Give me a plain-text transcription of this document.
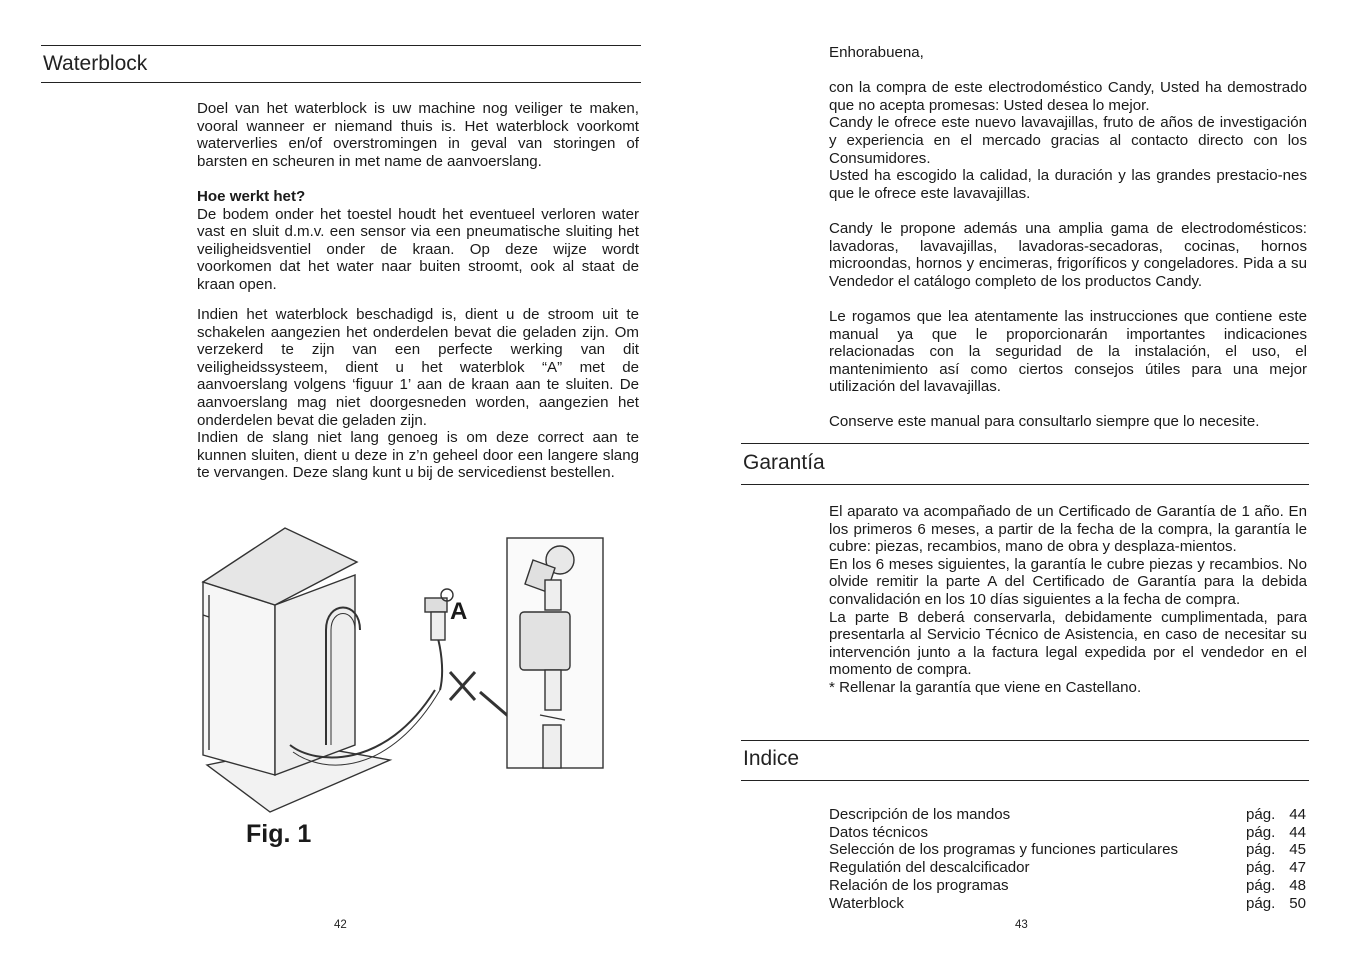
Waterblock

Doel van het waterblock is uw machine nog veiliger te maken, vooral wanneer er niemand thuis is. Het waterblock voorkomt waterverlies en/of overstromingen in geval van storingen of barsten en scheuren in met name de aanvoerslang.

Hoe werkt het?
De bodem onder het toestel houdt het eventueel verloren water vast en sluit d.m.v. een sensor via een pneumatische sluiting het veiligheidsventiel onder de kraan. Op deze wijze wordt voorkomen dat het water naar buiten stroomt, ook al staat de kraan open.
Indien het waterblock beschadigd is, dient u de stroom uit te schakelen aangezien het onderdelen bevat die geladen zijn. Om verzekerd te zijn van een perfecte werking van dit veiligheidssysteem, dient u het waterblok “A” met de aanvoerslang volgens ‘figuur 1’ aan de kraan aan te sluiten. De aanvoerslang mag niet doorgesneden worden, aangezien het onderdelen bevat die geladen zijn.
Indien de slang niet lang genoeg is om deze correct aan te kunnen sluiten, dient u deze in z’n geheel door een langere slang te vervangen. Deze slang kunt u bij de servicedienst bestellen.
A
Fig. 1
42
Enhorabuena,
con la compra de este electrodoméstico Candy, Usted ha demostrado que no acepta promesas: Usted desea lo mejor.
Candy le ofrece este nuevo lavavajillas, fruto de años de investigación y experiencia en el mercado gracias al contacto directo con los Consumidores.
Usted ha escogido la calidad, la duración y las grandes prestacio-nes que le ofrece este lavavajillas.
Candy le propone además una amplia gama de electrodomésticos: lavadoras, lavavajillas, lavadoras-secadoras, cocinas, hornos microondas, hornos y encimeras, frigoríficos y congeladores. Pida a su Vendedor el catálogo completo de los productos Candy.
Le rogamos que lea atentamente las instrucciones que contiene este manual ya que le proporcionarán importantes indicaciones relacionadas con la seguridad de la instalación, el uso, el mantenimiento así como ciertos consejos útiles para una mejor utilización del lavavajillas.
Conserve este manual para consultarlo siempre que lo necesite.
Garantía
El aparato va acompañado de un Certificado de Garantía de 1 año. En los primeros 6 meses, a partir de la fecha de la compra, la garantía le cubre: piezas, recambios, mano de obra y desplaza-mientos.
En los 6 meses siguientes, la garantía le cubre piezas y recambios. No olvide remitir la parte A del Certificado de Garantía para la debida convalidación en los 10 días siguientes a la fecha de compra.
La parte B deberá conservarla, debidamente cumplimentada, para presentarla al Servicio Técnico de Asistencia, en caso de necesitar su intervención junto a la factura legal expedida por el vendedor en el momento de compra.
* Rellenar la garantía que viene en Castellano.
Indice
Descripción de los mandos	pág. 44
Datos técnicos	pág. 44
Selección de los programas y funciones particulares	pág. 45
Regulatión del descalcificador	pág. 47
Relación de los programas	pág. 48
Waterblock	pág. 50
43
